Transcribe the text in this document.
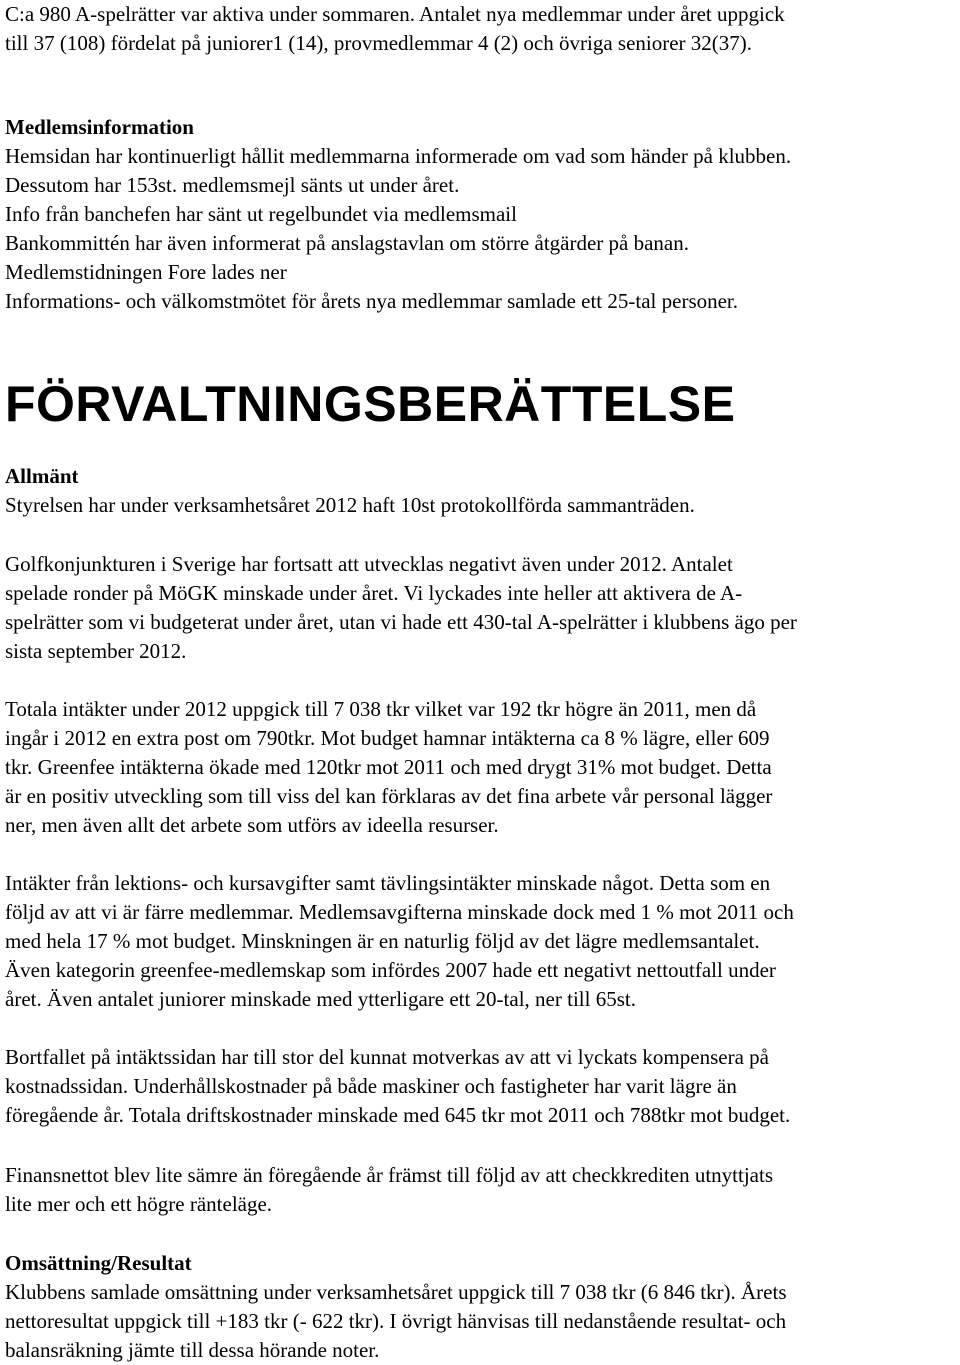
C:a 980 A-spelrätter var aktiva under sommaren. Antalet nya medlemmar under året uppgick
till 37 (108) fördelat på juniorer1 (14), provmedlemmar 4 (2) och övriga seniorer 32(37).
Medlemsinformation
Hemsidan har kontinuerligt hållit medlemmarna informerade om vad som händer på klubben.
Dessutom har 153st. medlemsmejl sänts ut under året.
Info från banchefen har sänt ut regelbundet via medlemsmail
Bankommittén har även informerat på anslagstavlan om större åtgärder på banan.
Medlemstidningen Fore lades ner
Informations- och välkomstmötet för årets nya medlemmar samlade ett 25-tal personer.
FÖRVALTNINGSBERÄTTELSE
Allmänt
Styrelsen har under verksamhetsåret 2012 haft 10st protokollförda sammanträden.
Golfkonjunkturen i Sverige har fortsatt att utvecklas negativt även under 2012. Antalet
spelade ronder på MöGK minskade under året. Vi lyckades inte heller att aktivera de A-
spelrätter som vi budgeterat under året, utan vi hade ett 430-tal A-spelrätter i klubbens ägo per
sista september 2012.
Totala intäkter under 2012 uppgick till 7 038 tkr vilket var 192 tkr högre än 2011, men då
ingår i 2012 en extra post om 790tkr. Mot budget hamnar intäkterna ca 8 % lägre, eller 609
tkr. Greenfee intäkterna ökade med 120tkr mot 2011 och med drygt 31% mot budget. Detta
är en positiv utveckling som till viss del kan förklaras av det fina arbete vår personal lägger
ner, men även allt det arbete som utförs av ideella resurser.
Intäkter från lektions- och kursavgifter samt tävlingsintäkter minskade något. Detta som en
följd av att vi är färre medlemmar. Medlemsavgifterna minskade dock med 1 % mot 2011 och
med hela 17 % mot budget. Minskningen är en naturlig följd av det lägre medlemsantalet.
Även kategorin greenfee-medlemskap som infördes 2007 hade ett negativt nettoutfall under
året. Även antalet juniorer minskade med ytterligare ett 20-tal, ner till 65st.
Bortfallet på intäktssidan har till stor del kunnat motverkas av att vi lyckats kompensera på
kostnadssidan. Underhållskostnader på både maskiner och fastigheter har varit lägre än
föregående år. Totala driftskostnader minskade med 645 tkr mot 2011 och 788tkr mot budget.
Finansnettot blev lite sämre än föregående år främst till följd av att checkkrediten utnyttjats
lite mer och ett högre ränteläge.
Omsättning/Resultat
Klubbens samlade omsättning under verksamhetsåret uppgick till 7 038 tkr (6 846 tkr). Årets
nettoresultat uppgick till +183 tkr (- 622 tkr). I övrigt hänvisas till nedanstående resultat- och
balansräkning jämte till dessa hörande noter.
